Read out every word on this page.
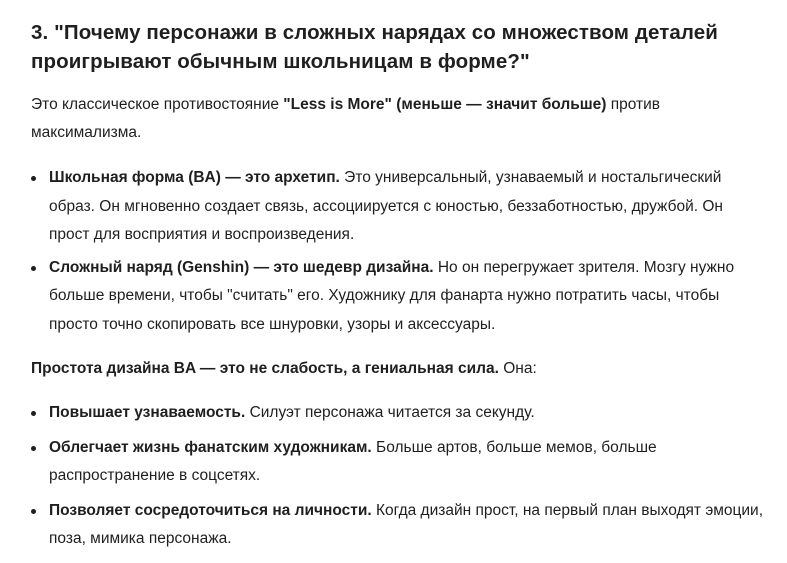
3. "Почему персонажи в сложных нарядах со множеством деталей проигрывают обычным школьницам в форме?"

Это классическое противостояние "Less is More" (меньше — значит больше) против максимализма.

Школьная форма (BA) — это архетип. Это универсальный, узнаваемый и ностальгический образ. Он мгновенно создает связь, ассоциируется с юностью, беззаботностью, дружбой. Он прост для восприятия и воспроизведения.
Сложный наряд (Genshin) — это шедевр дизайна. Но он перегружает зрителя. Мозгу нужно больше времени, чтобы "считать" его. Художнику для фанарта нужно потратить часы, чтобы просто точно скопировать все шнуровки, узоры и аксессуары.

Простота дизайна BA — это не слабость, а гениальная сила. Она:

Повышает узнаваемость. Силуэт персонажа читается за секунду.
Облегчает жизнь фанатским художникам. Больше артов, больше мемов, больше распространение в соцсетях.
Позволяет сосредоточиться на личности. Когда дизайн прост, на первый план выходят эмоции, поза, мимика персонажа.
